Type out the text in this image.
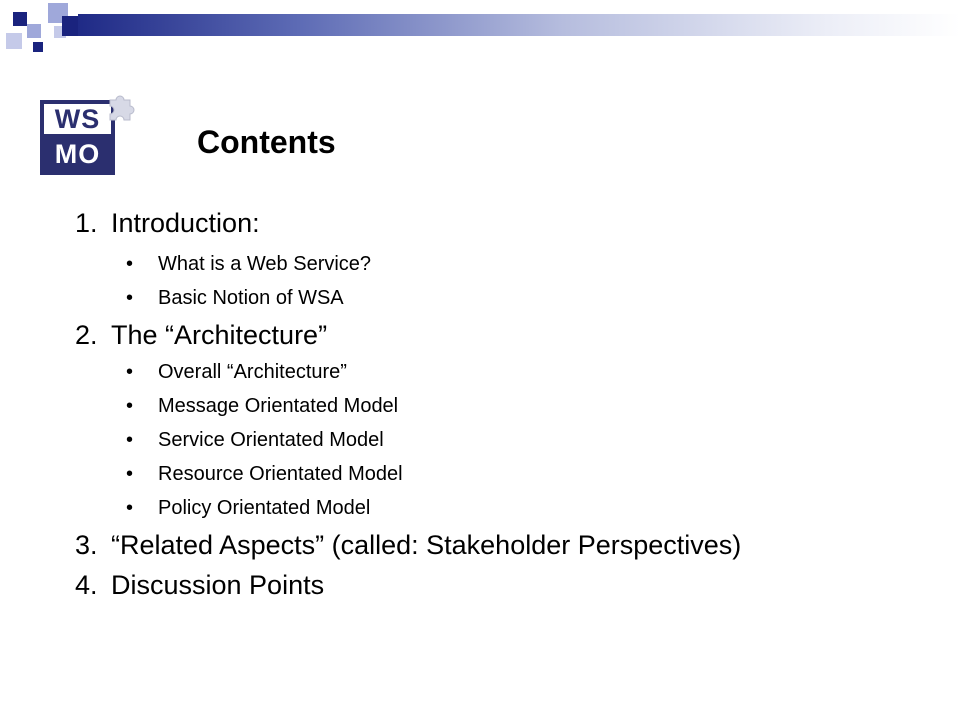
WS
MO	Contents
1. Introduction:
• What is a Web Service?
• Basic Notion of WSA
2. The “Architecture”
• Overall “Architecture”
• Message Orientated Model
• Service Orientated Model
• Resource Orientated Model
• Policy Orientated Model
3. “Related Aspects” (called: Stakeholder Perspectives)
4. Discussion Points
